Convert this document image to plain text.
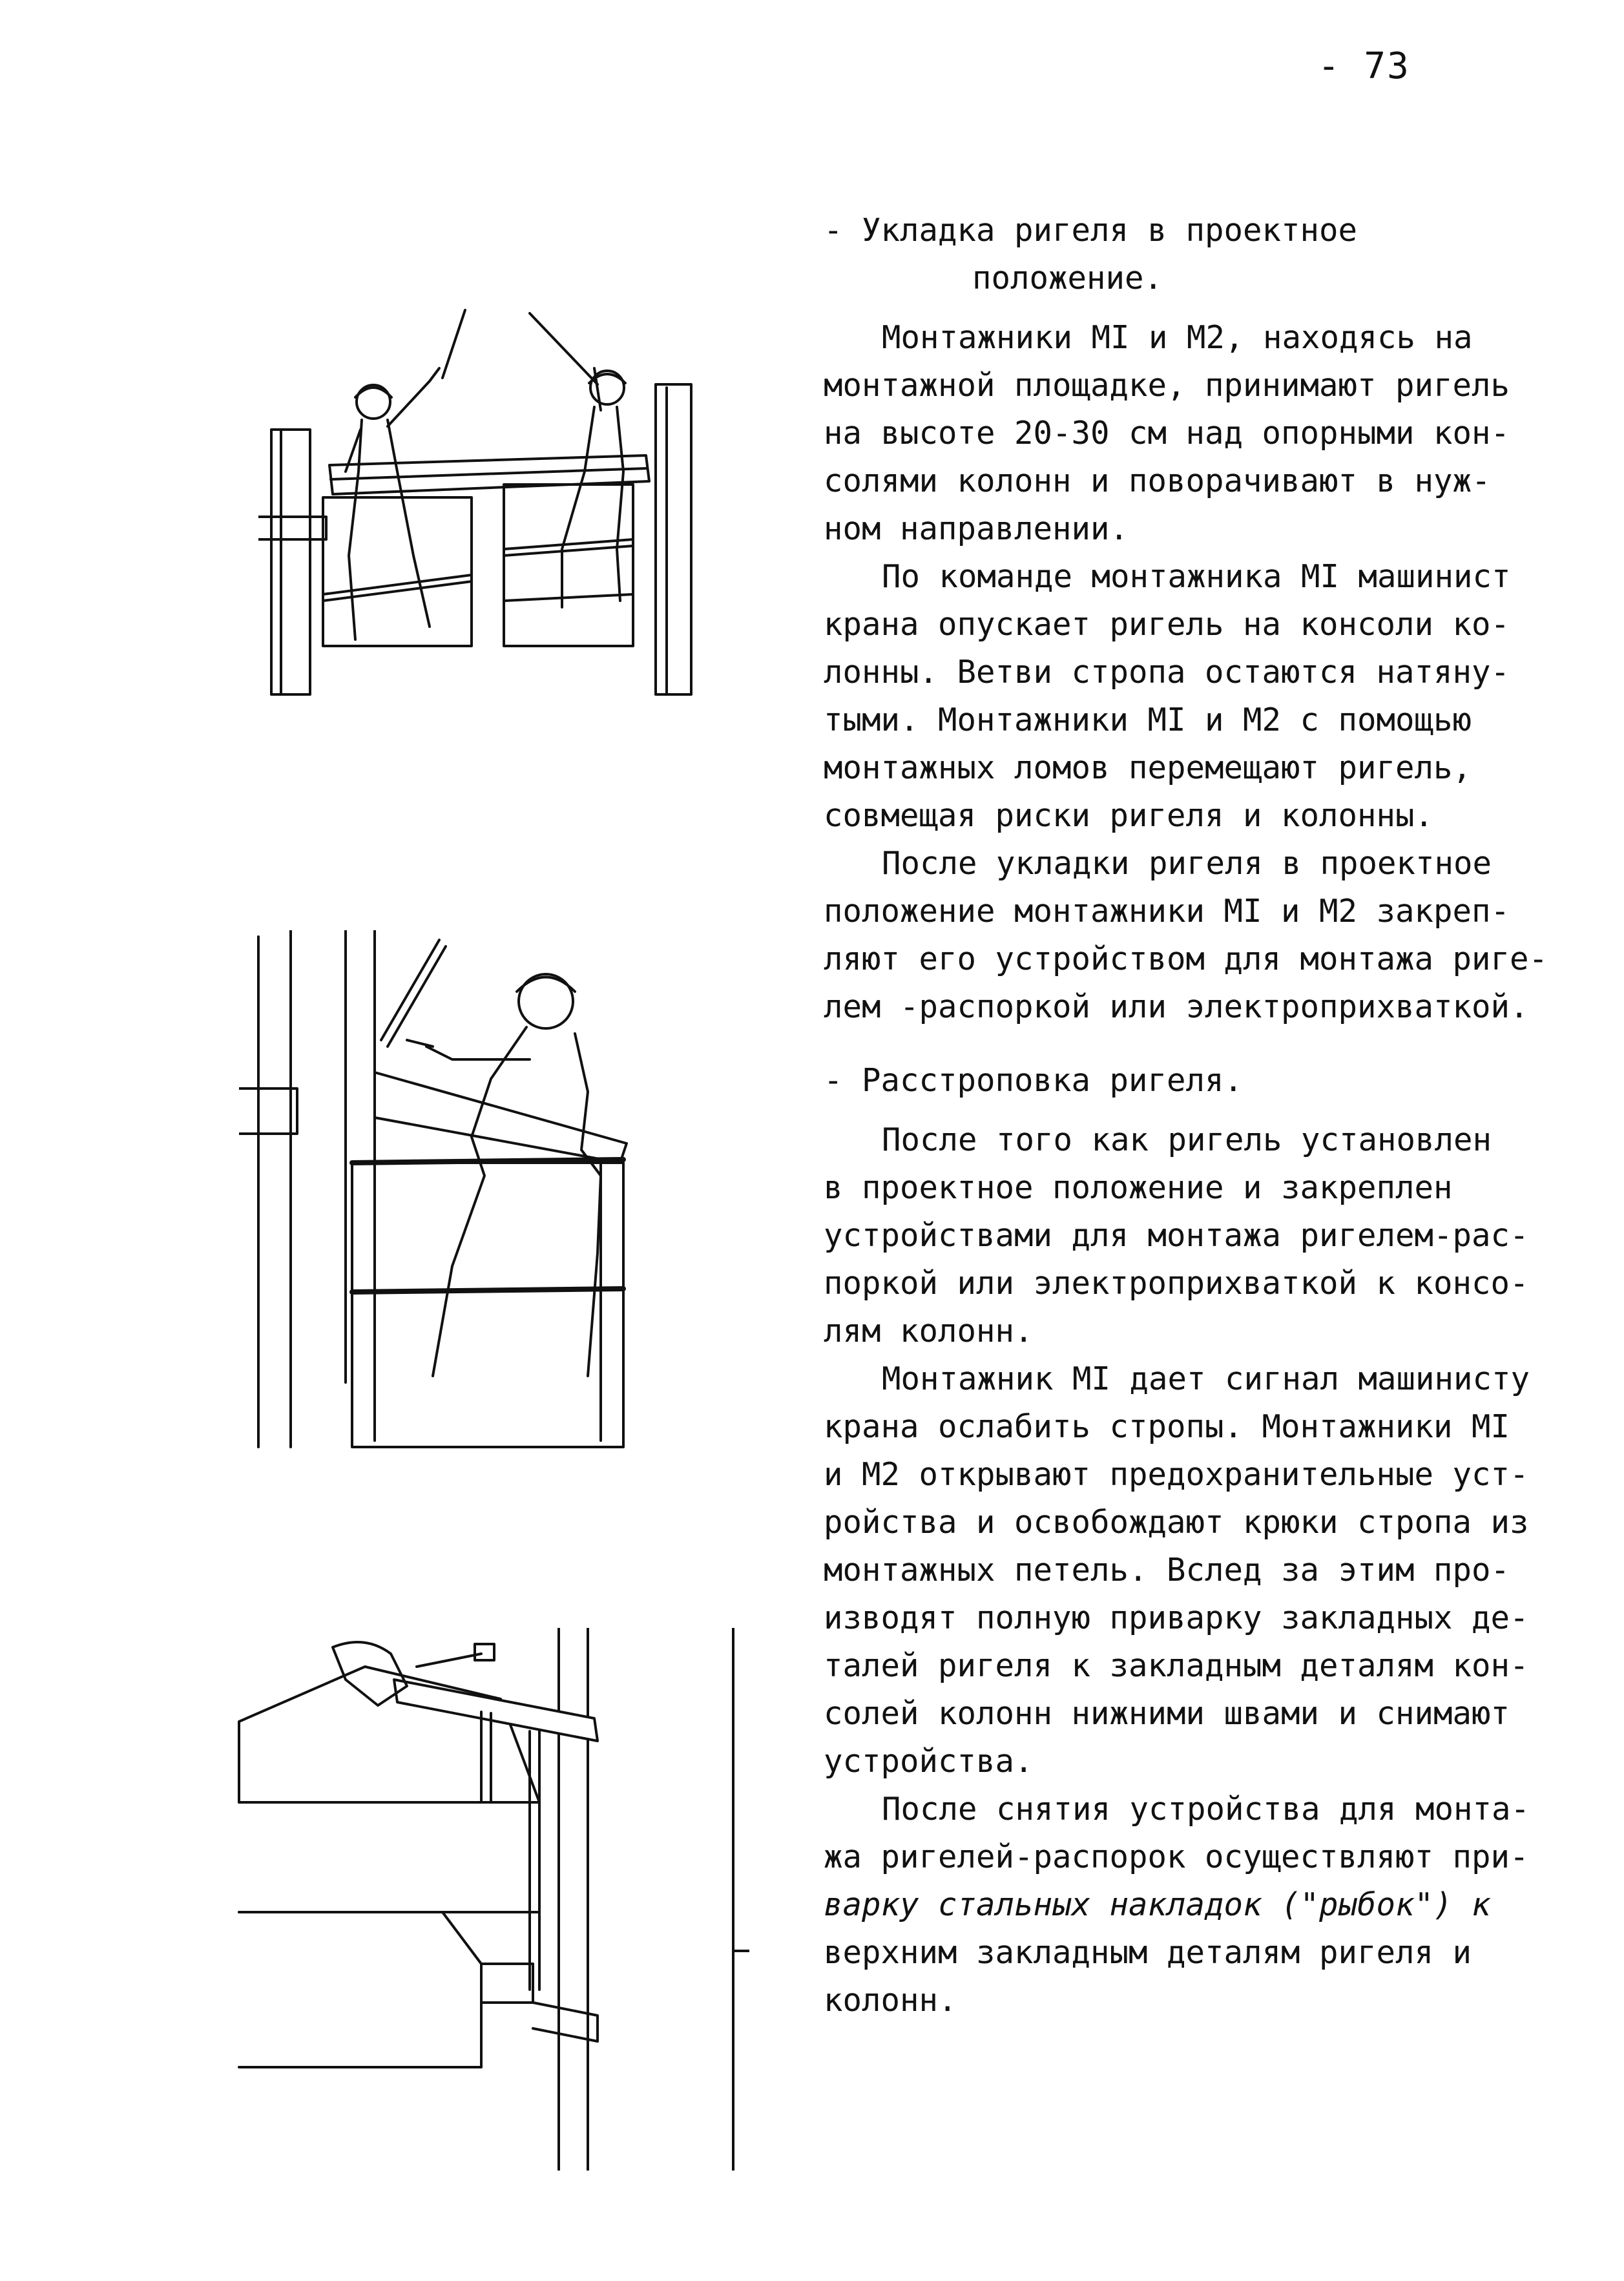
- 73
- Укладка ригеля в проектное
положение.
Монтажники МI и М2, находясь на
монтажной площадке, принимают ригель
на высоте 20-30 см над опорными кон-
солями колонн и поворачивают в нуж-
ном направлении.
По команде монтажника МI машинист
крана опускает ригель на консоли ко-
лонны. Ветви стропа остаются натяну-
тыми. Монтажники МI и М2 с помощью
монтажных ломов перемещают ригель,
совмещая риски ригеля и колонны.
После укладки ригеля в проектное
положение монтажники МI и М2 закреп-
ляют его устройством для монтажа риге-
лем -распоркой или электроприхваткой.
- Расстроповка ригеля.
После того как ригель установлен
в проектное положение и закреплен
устройствами для монтажа ригелем-рас-
поркой или электроприхваткой к консо-
лям колонн.
Монтажник МI дает сигнал машинисту
крана ослабить стропы. Монтажники МI
и М2 открывают предохранительные уст-
ройства и освобождают крюки стропа из
монтажных петель. Вслед за этим про-
изводят полную приварку закладных де-
талей ригеля к закладным деталям кон-
солей колонн нижними швами и снимают
устройства.
После снятия устройства для монта-
жа ригелей-распорок осуществляют при-
варку стальных накладок ("рыбок") к
верхним закладным деталям ригеля и
колонн.
